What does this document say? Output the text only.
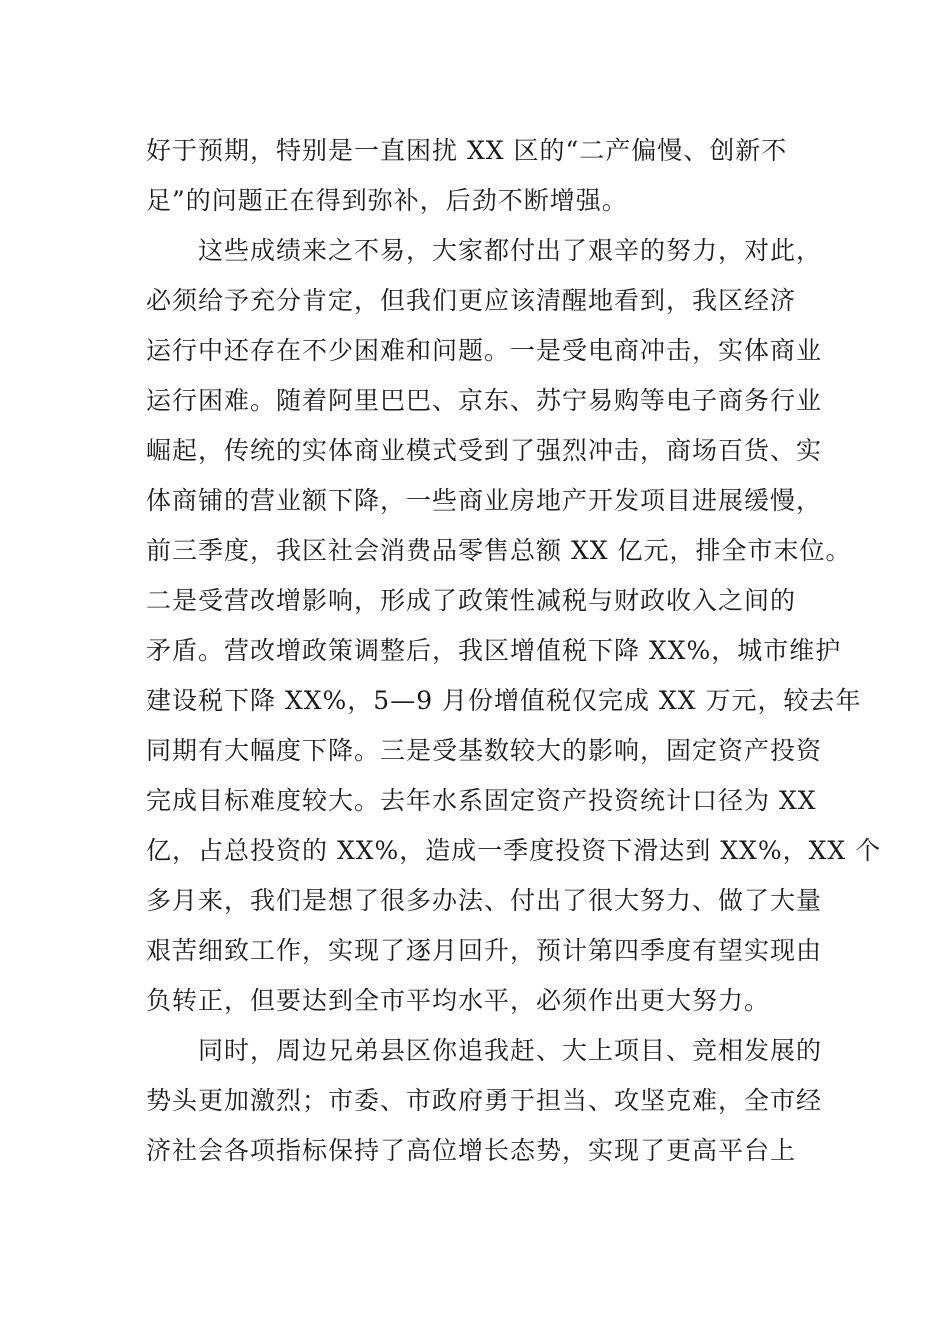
好于预期，特别是一直困扰 XX 区的“二产偏慢、创新不
足”的问题正在得到弥补，后劲不断增强。
　　这些成绩来之不易，大家都付出了艰辛的努力，对此，
必须给予充分肯定，但我们更应该清醒地看到，我区经济
运行中还存在不少困难和问题。一是受电商冲击，实体商业
运行困难。随着阿里巴巴、京东、苏宁易购等电子商务行业
崛起，传统的实体商业模式受到了强烈冲击，商场百货、实
体商铺的营业额下降，一些商业房地产开发项目进展缓慢，
前三季度，我区社会消费品零售总额 XX 亿元，排全市末位。
二是受营改增影响，形成了政策性减税与财政收入之间的
矛盾。营改增政策调整后，我区增值税下降 XX%，城市维护
建设税下降 XX%，5—9 月份增值税仅完成 XX 万元，较去年
同期有大幅度下降。三是受基数较大的影响，固定资产投资
完成目标难度较大。去年水系固定资产投资统计口径为 XX
亿，占总投资的 XX%，造成一季度投资下滑达到 XX%，XX 个
多月来，我们是想了很多办法、付出了很大努力、做了大量
艰苦细致工作，实现了逐月回升，预计第四季度有望实现由
负转正，但要达到全市平均水平，必须作出更大努力。
　　同时，周边兄弟县区你追我赶、大上项目、竞相发展的
势头更加激烈；市委、市政府勇于担当、攻坚克难，全市经
济社会各项指标保持了高位增长态势，实现了更高平台上
